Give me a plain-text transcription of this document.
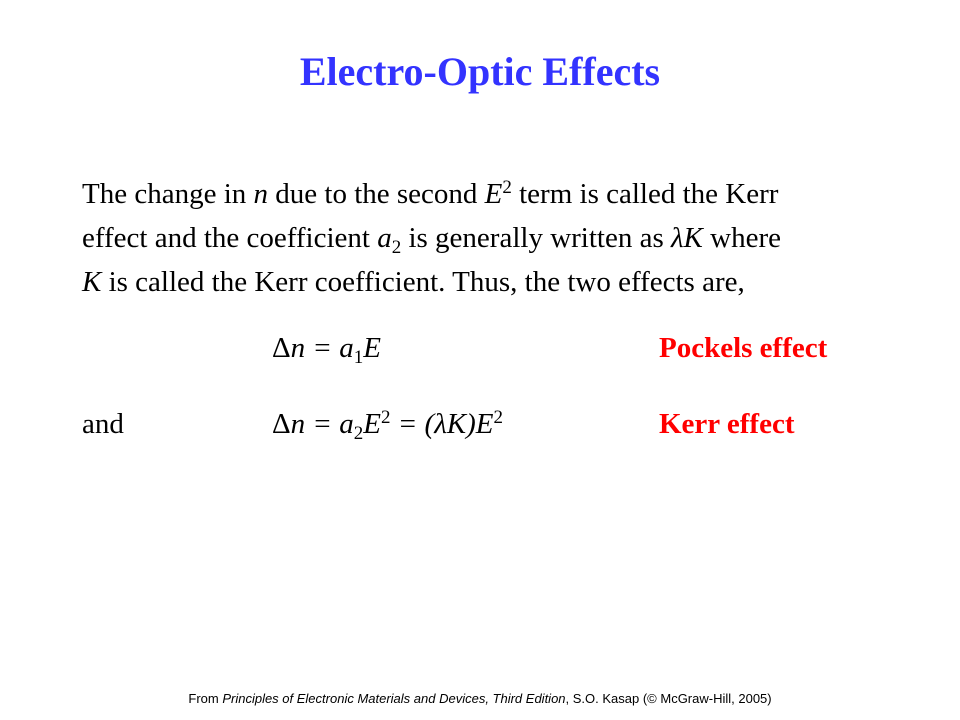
Electro-Optic Effects
The change in n due to the second $E^2$ term is called the Kerr
effect and the coefficient $a_2$ is generally written as λK where
K is called the Kerr coefficient. Thus, the two effects are,
$\Delta n = a_1E$	Pockels effect
and	$\Delta n = a_2E^2 = (\lambda K)E^2$	Kerr effect
From Principles of Electronic Materials and Devices, Third Edition, S.O. Kasap (© McGraw-Hill, 2005)
